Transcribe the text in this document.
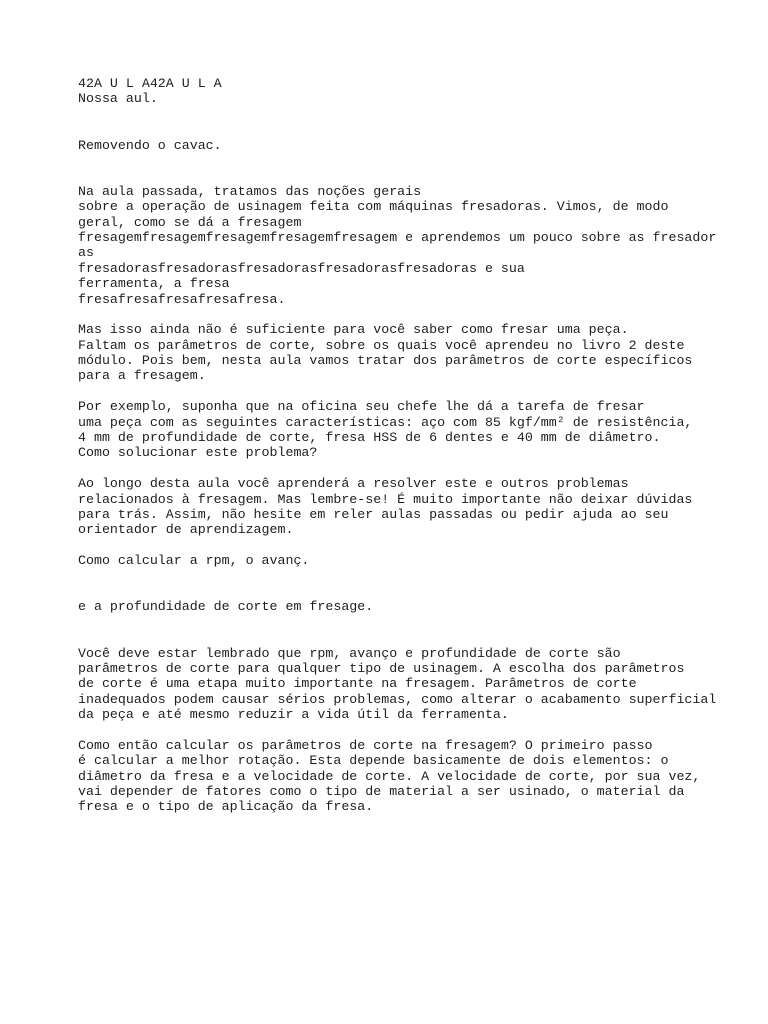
42A U L A42A U L A
Nossa aul.
Removendo o cavac.
Na aula passada, tratamos das noções gerais
sobre a operação de usinagem feita com máquinas fresadoras. Vimos, de modo
geral, como se dá a fresagem
fresagemfresagemfresagemfresagemfresagem e aprendemos um pouco sobre as fresador
as
fresadorasfresadorasfresadorasfresadorasfresadoras e sua
ferramenta, a fresa
fresafresafresafresafresa.
Mas isso ainda não é suficiente para você saber como fresar uma peça.
Faltam os parâmetros de corte, sobre os quais você aprendeu no livro 2 deste
módulo. Pois bem, nesta aula vamos tratar dos parâmetros de corte específicos
para a fresagem.
Por exemplo, suponha que na oficina seu chefe lhe dá a tarefa de fresar
uma peça com as seguintes características: aço com 85 kgf/mm² de resistência,
4 mm de profundidade de corte, fresa HSS de 6 dentes e 40 mm de diâmetro.
Como solucionar este problema?
Ao longo desta aula você aprenderá a resolver este e outros problemas
relacionados à fresagem. Mas lembre-se! É muito importante não deixar dúvidas
para trás. Assim, não hesite em reler aulas passadas ou pedir ajuda ao seu
orientador de aprendizagem.
Como calcular a rpm, o avanç.
e a profundidade de corte em fresage.
Você deve estar lembrado que rpm, avanço e profundidade de corte são
parâmetros de corte para qualquer tipo de usinagem. A escolha dos parâmetros
de corte é uma etapa muito importante na fresagem. Parâmetros de corte
inadequados podem causar sérios problemas, como alterar o acabamento superficial
da peça e até mesmo reduzir a vida útil da ferramenta.
Como então calcular os parâmetros de corte na fresagem? O primeiro passo
é calcular a melhor rotação. Esta depende basicamente de dois elementos: o
diâmetro da fresa e a velocidade de corte. A velocidade de corte, por sua vez,
vai depender de fatores como o tipo de material a ser usinado, o material da
fresa e o tipo de aplicação da fresa.
